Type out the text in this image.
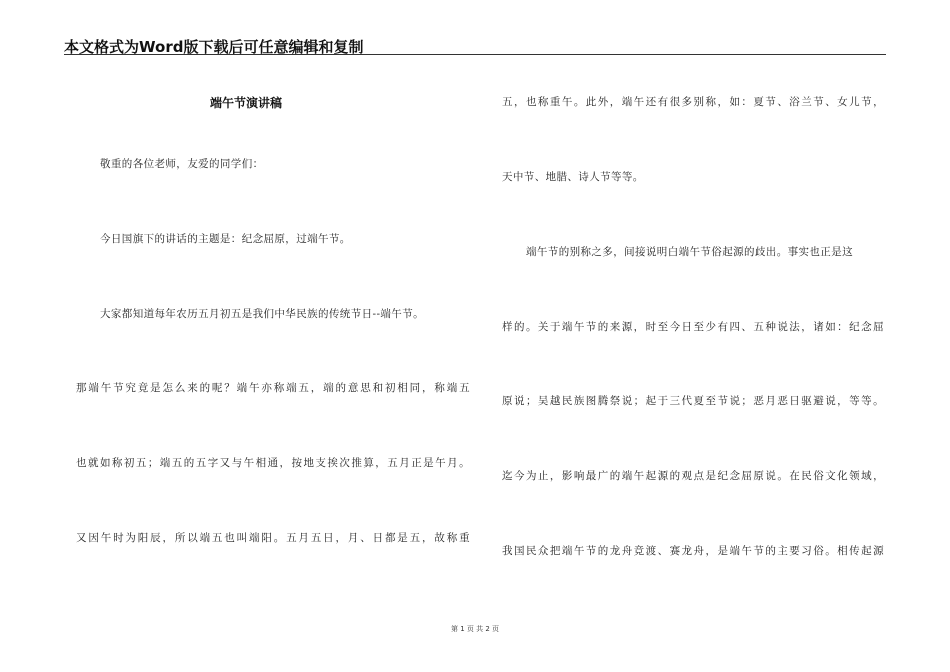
本文格式为Word版下载后可任意编辑和复制
端午节演讲稿
敬重的各位老师，友爱的同学们：
今日国旗下的讲话的主题是：纪念屈原，过端午节。
大家都知道每年农历五月初五是我们中华民族的传统节日--端午节。
那端午节究竟是怎么来的呢？端午亦称端五，端的意思和初相同，称端五
也就如称初五；端五的五字又与午相通，按地支挨次推算，五月正是午月。
又因午时为阳辰，所以端五也叫端阳。五月五日，月、日都是五，故称重
五，也称重午。此外，端午还有很多别称，如：夏节、浴兰节、女儿节，
天中节、地腊、诗人节等等。
端午节的别称之多，间接说明白端午节俗起源的歧出。事实也正是这
样的。关于端午节的来源，时至今日至少有四、五种说法，诸如：纪念屈
原说；吴越民族图腾祭说；起于三代夏至节说；恶月恶日驱避说，等等。
迄今为止，影响最广的端午起源的观点是纪念屈原说。在民俗文化领域，
我国民众把端午节的龙舟竞渡、赛龙舟，是端午节的主要习俗。相传起源
第 1 页 共 2 页
